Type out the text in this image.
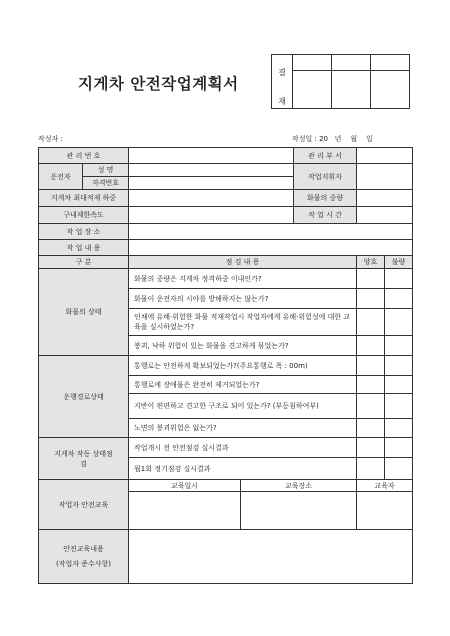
지게차 안전작업계획서
결
재			

작성자 :	작성일 : 20   년    월    일
관 리 번 호				관 리 부 서		
운전자	성 명			작업지휘자		
	자격번호					
지게차 최대적재 하중				화물의 중량		
구내제한속도				작 업 시 간		
작 업 장 소						
작 업 내 용						
구 분		점 검 내 용			양호	불량
화물의 상태		화물의 중량은 지게차 정격하중 이내인가?				
		화물이 운전자의 시야를 방해하지는 않는가?				
		인체에 유해·위험한 화물 적재작업시 작업자에게 유해·위험성에 대한 교육을 실시하였는가?				
		붕괴, 낙하 위험이 있는 화물을 견고하게 묶었는가?				
운행경로상태		통행로는 안전하게 확보되었는가?(주요통행로 폭 : 00m)				
		통행로에 장애물은 완전히 제거되었는가?				
		지반이 편편하고 견고한 구조로 되어 있는가? (부등침하여부)				
		노면의 붕괴위험은 없는가?				
지게차 작동 상태점검		작업개시 전 안전점검 실시결과				
		월1회 정기점검 실시결과				
작업자 안전교육		교육일시	교육장소		교육자	

안전교육내용
(작업자 준수사항)						
